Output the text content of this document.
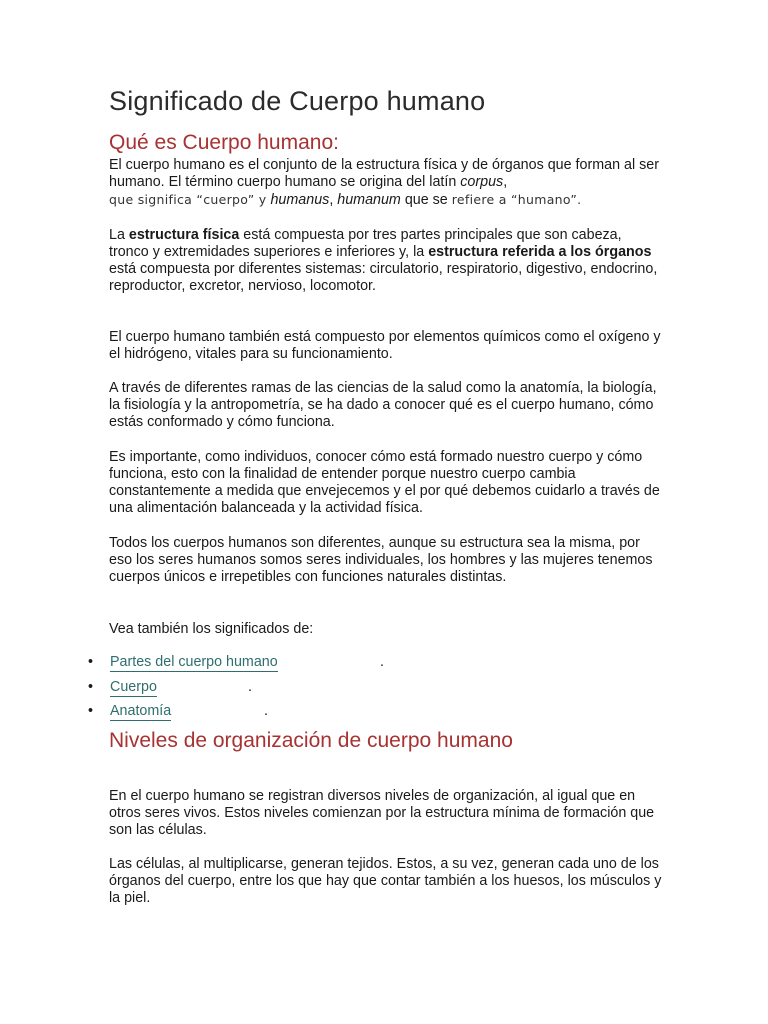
Significado de Cuerpo humano
Qué es Cuerpo humano:

El cuerpo humano es el conjunto de la estructura física y de órganos que forman al ser humano. El término cuerpo humano se origina del latín corpus,
que significa “cuerpo” y humanus, humanum que se refiere a “humano”.

La estructura física está compuesta por tres partes principales que son cabeza, tronco y extremidades superiores e inferiores y, la estructura referida a los órganos está compuesta por diferentes sistemas: circulatorio, respiratorio, digestivo, endocrino, reproductor, excretor, nervioso, locomotor.

El cuerpo humano también está compuesto por elementos químicos como el oxígeno y el hidrógeno, vitales para su funcionamiento.

A través de diferentes ramas de las ciencias de la salud como la anatomía, la biología, la fisiología y la antropometría, se ha dado a conocer qué es el cuerpo humano, cómo estás conformado y cómo funciona.

Es importante, como individuos, conocer cómo está formado nuestro cuerpo y cómo funciona, esto con la finalidad de entender porque nuestro cuerpo cambia constantemente a medida que envejecemos y el por qué debemos cuidarlo a través de una alimentación balanceada y la actividad física.

Todos los cuerpos humanos son diferentes, aunque su estructura sea la misma, por eso los seres humanos somos seres individuales, los hombres y las mujeres tenemos cuerpos únicos e irrepetibles con funciones naturales distintas.

Vea también los significados de:

• Partes del cuerpo humano	.
• Cuerpo	.
• Anatomía	.
Niveles de organización de cuerpo humano

En el cuerpo humano se registran diversos niveles de organización, al igual que en otros seres vivos. Estos niveles comienzan por la estructura mínima de formación que son las células.

Las células, al multiplicarse, generan tejidos. Estos, a su vez, generan cada uno de los órganos del cuerpo, entre los que hay que contar también a los huesos, los músculos y la piel.
